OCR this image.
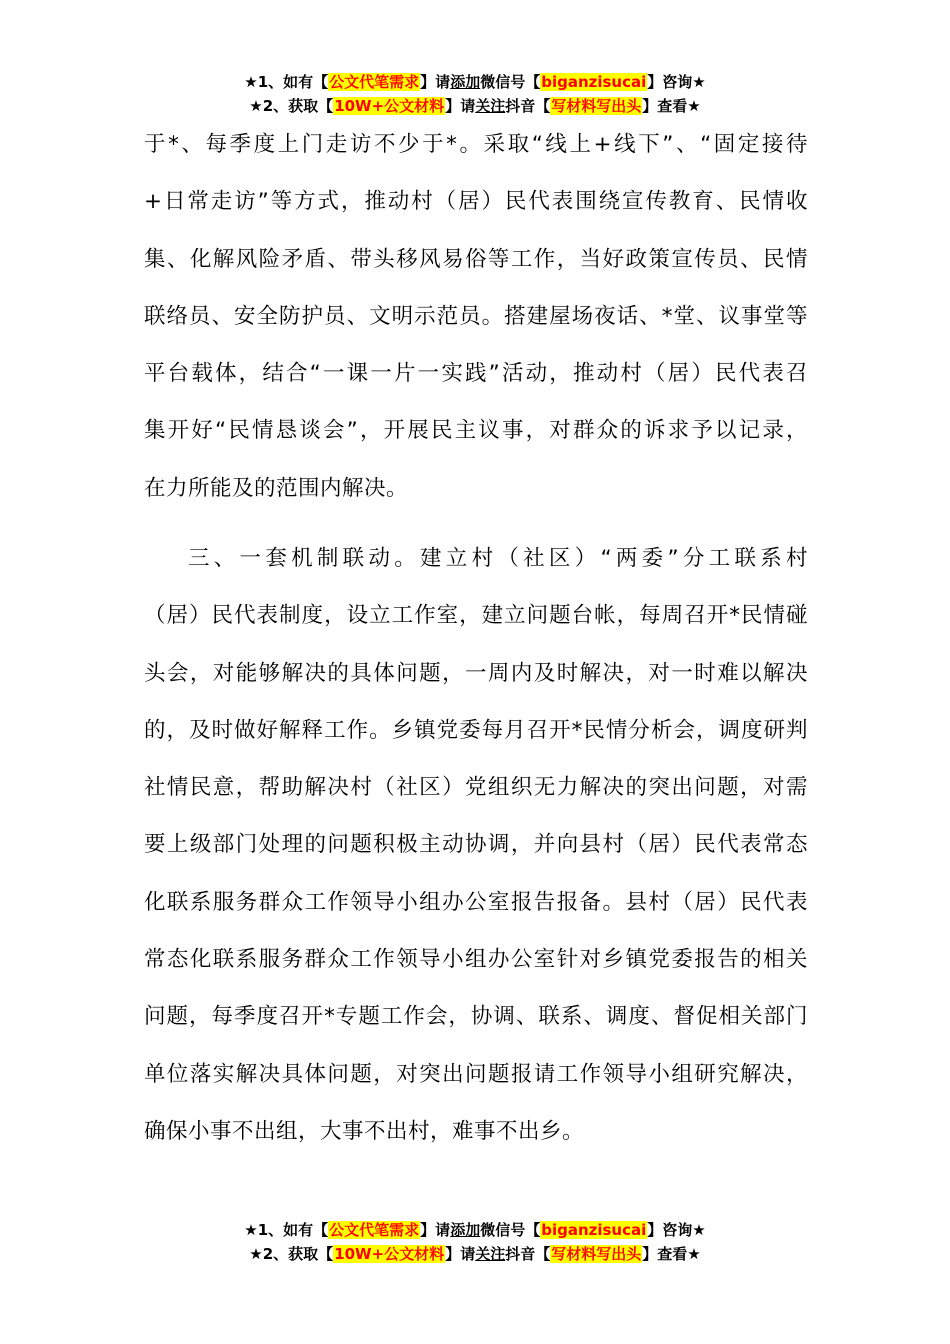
★1、如有【公文代笔需求】请添加微信号【biganzisucai】咨询★
★2、获取【10W+公文材料】请关注抖音【写材料写出头】查看★
于*、每季度上门走访不少于*。采取“线上+线下”、“固定接待
+日常走访”等方式，推动村（居）民代表围绕宣传教育、民情收
集、化解风险矛盾、带头移风易俗等工作，当好政策宣传员、民情
联络员、安全防护员、文明示范员。搭建屋场夜话、*堂、议事堂等
平台载体，结合“一课一片一实践”活动，推动村（居）民代表召
集开好“民情恳谈会”，开展民主议事，对群众的诉求予以记录，
在力所能及的范围内解决。
三、一套机制联动。建立村（社区）“两委”分工联系村
（居）民代表制度，设立工作室，建立问题台帐，每周召开*民情碰
头会，对能够解决的具体问题，一周内及时解决，对一时难以解决
的，及时做好解释工作。乡镇党委每月召开*民情分析会，调度研判
社情民意，帮助解决村（社区）党组织无力解决的突出问题，对需
要上级部门处理的问题积极主动协调，并向县村（居）民代表常态
化联系服务群众工作领导小组办公室报告报备。县村（居）民代表
常态化联系服务群众工作领导小组办公室针对乡镇党委报告的相关
问题，每季度召开*专题工作会，协调、联系、调度、督促相关部门
单位落实解决具体问题，对突出问题报请工作领导小组研究解决，
确保小事不出组，大事不出村，难事不出乡。
★1、如有【公文代笔需求】请添加微信号【biganzisucai】咨询★
★2、获取【10W+公文材料】请关注抖音【写材料写出头】查看★
